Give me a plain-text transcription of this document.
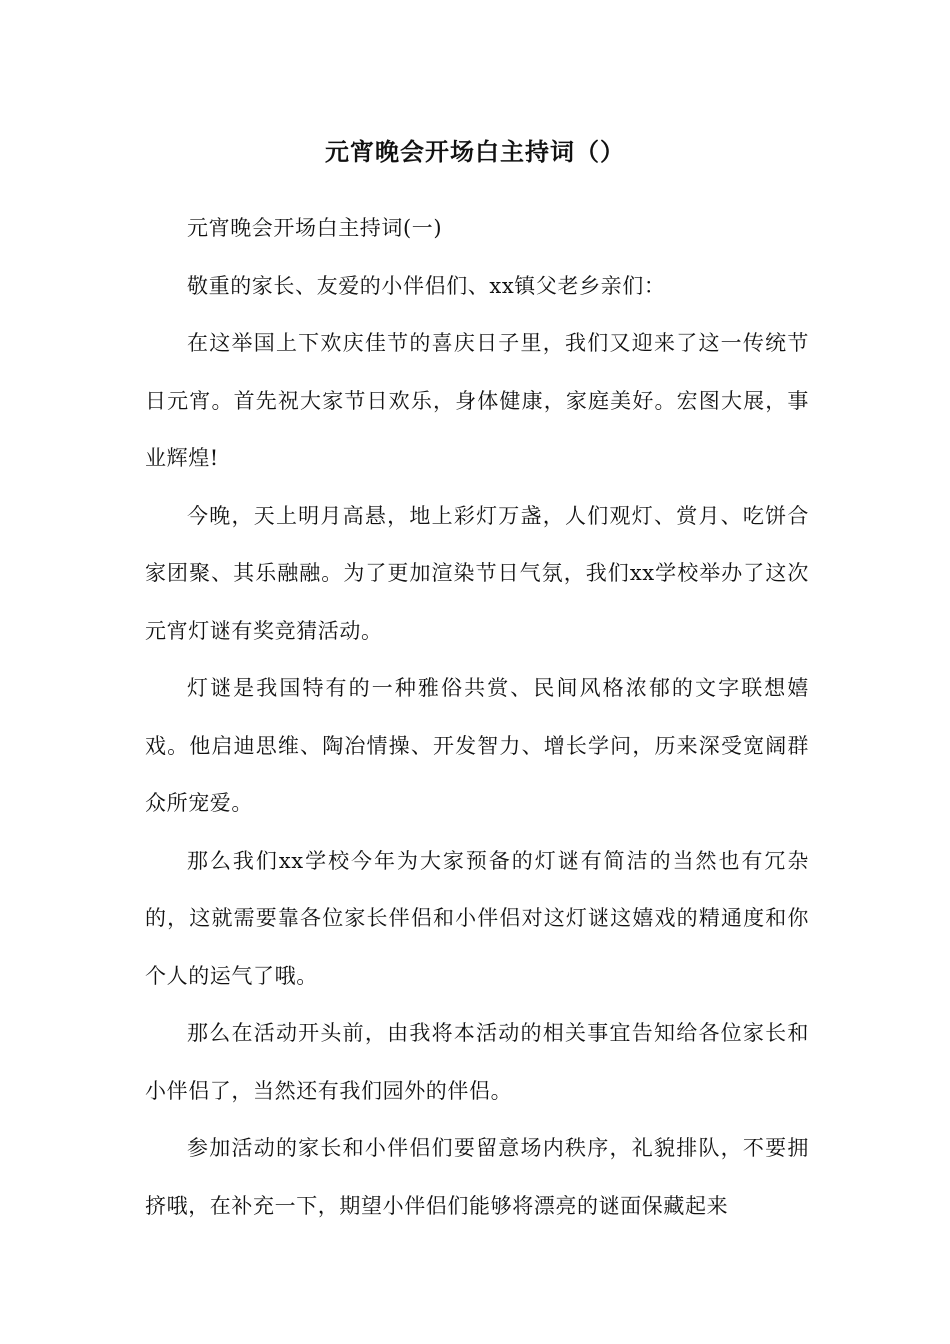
元宵晚会开场白主持词（）

元宵晚会开场白主持词(一)

敬重的家长、友爱的小伴侣们、xx镇父老乡亲们：

在这举国上下欢庆佳节的喜庆日子里，我们又迎来了这一传统节日元宵。首先祝大家节日欢乐，身体健康，家庭美好。宏图大展，事业辉煌!

今晚，天上明月高悬，地上彩灯万盏，人们观灯、赏月、吃饼合家团聚、其乐融融。为了更加渲染节日气氛，我们xx学校举办了这次元宵灯谜有奖竞猜活动。

灯谜是我国特有的一种雅俗共赏、民间风格浓郁的文字联想嬉戏。他启迪思维、陶冶情操、开发智力、增长学问，历来深受宽阔群众所宠爱。

那么我们xx学校今年为大家预备的灯谜有简洁的当然也有冗杂的，这就需要靠各位家长伴侣和小伴侣对这灯谜这嬉戏的精通度和你个人的运气了哦。

那么在活动开头前，由我将本活动的相关事宜告知给各位家长和小伴侣了，当然还有我们园外的伴侣。

参加活动的家长和小伴侣们要留意场内秩序，礼貌排队，不要拥挤哦，在补充一下，期望小伴侣们能够将漂亮的谜面保藏起来
